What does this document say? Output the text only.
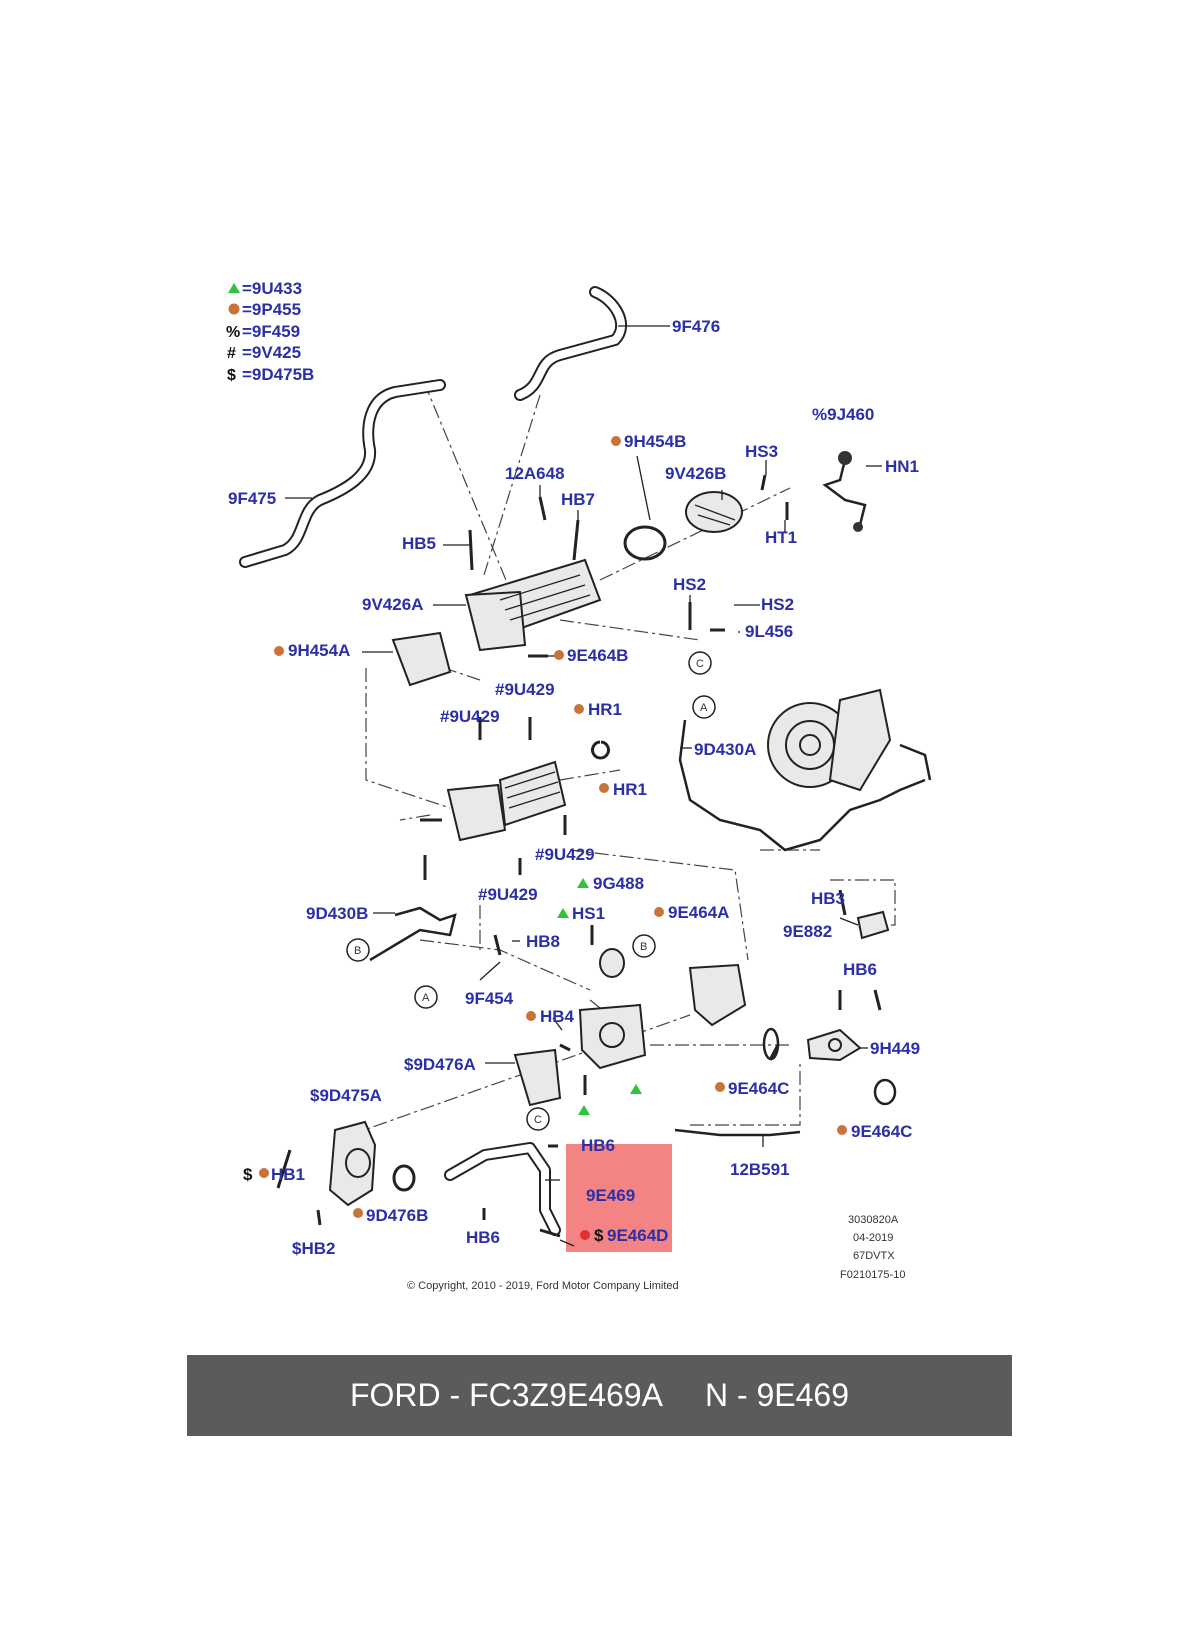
=9U433
=9P455
% =9F459
# =9V425
$ =9D475B
A
C
B
A
B
C
9F476
9F475
%9J460
HN1
9H454B
HS3
12A648	9V426B
HB7
HT1
HB5
HS2
HS2
9V426A
9L456
9H454A	9E464B
#9U429
#9U429	HR1
9D430A
HR1
#9U429
#9U429
9G488
HB3
9D430B	HS1	9E464A
HB8
9E882
HB6
9F454
HB4
9H449
$9D476A
9E464C
$9D475A
9E464C
HB6
$ HB1	12B591
9E469
9D476B
HB6	$ 9E464D
$HB2
3030820A
04-2019
67DVTX
F0210175-10
© Copyright, 2010 - 2019, Ford Motor Company Limited
FORD - FC3Z9E469A N - 9E469
